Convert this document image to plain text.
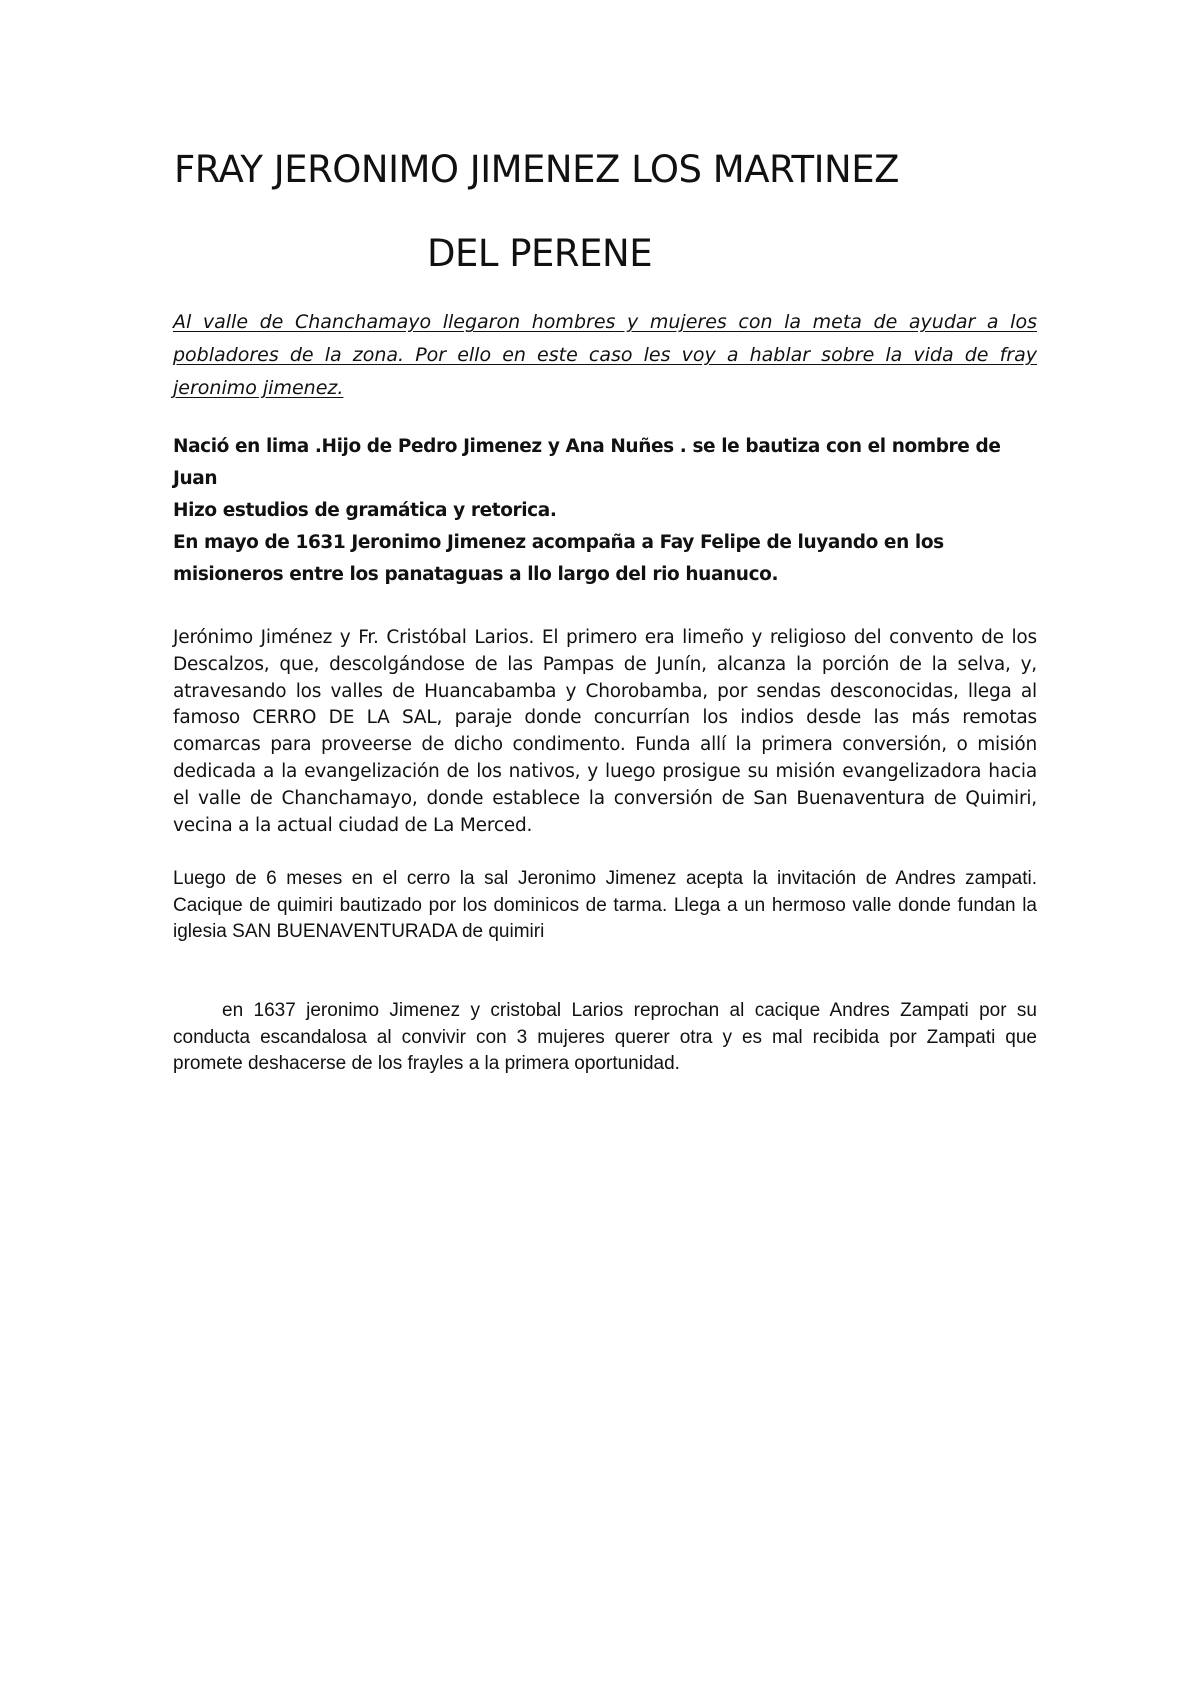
FRAY JERONIMO JIMENEZ LOS MARTINEZ
DEL PERENE

Al valle de Chanchamayo llegaron hombres y mujeres con la meta de ayudar a los pobladores de la zona. Por ello en este caso les voy a hablar sobre la vida de fray jeronimo jimenez.

Nació en lima .Hijo de Pedro Jimenez y Ana Nuñes . se le bautiza con el nombre de Juan

Hizo estudios de gramática y retorica.

En mayo de 1631 Jeronimo Jimenez acompaña a Fay Felipe de luyando en los misioneros entre los panataguas a llo largo del rio huanuco.

Jerónimo Jiménez y Fr. Cristóbal Larios. El primero era limeño y religioso del convento de los Descalzos, que, descolgándose de las Pampas de Junín, alcanza la porción de la selva, y, atravesando los valles de Huancabamba y Chorobamba, por sendas desconocidas, llega al famoso CERRO DE LA SAL, paraje donde concurrían los indios desde las más remotas comarcas para proveerse de dicho condimento. Funda allí la primera conversión, o misión dedicada a la evangelización de los nativos, y luego prosigue su misión evangelizadora hacia el valle de Chanchamayo, donde establece la conversión de San Buenaventura de Quimiri, vecina a la actual ciudad de La Merced.

Luego de 6 meses en el cerro la sal Jeronimo Jimenez acepta la invitación de Andres zampati. Cacique de quimiri bautizado por los dominicos de tarma. Llega a un hermoso valle donde fundan la iglesia SAN BUENAVENTURADA de quimiri

en 1637 jeronimo Jimenez y cristobal Larios reprochan al cacique Andres Zampati por su conducta escandalosa al convivir con 3 mujeres querer otra y es mal recibida por Zampati que promete deshacerse de los frayles a la primera oportunidad.
